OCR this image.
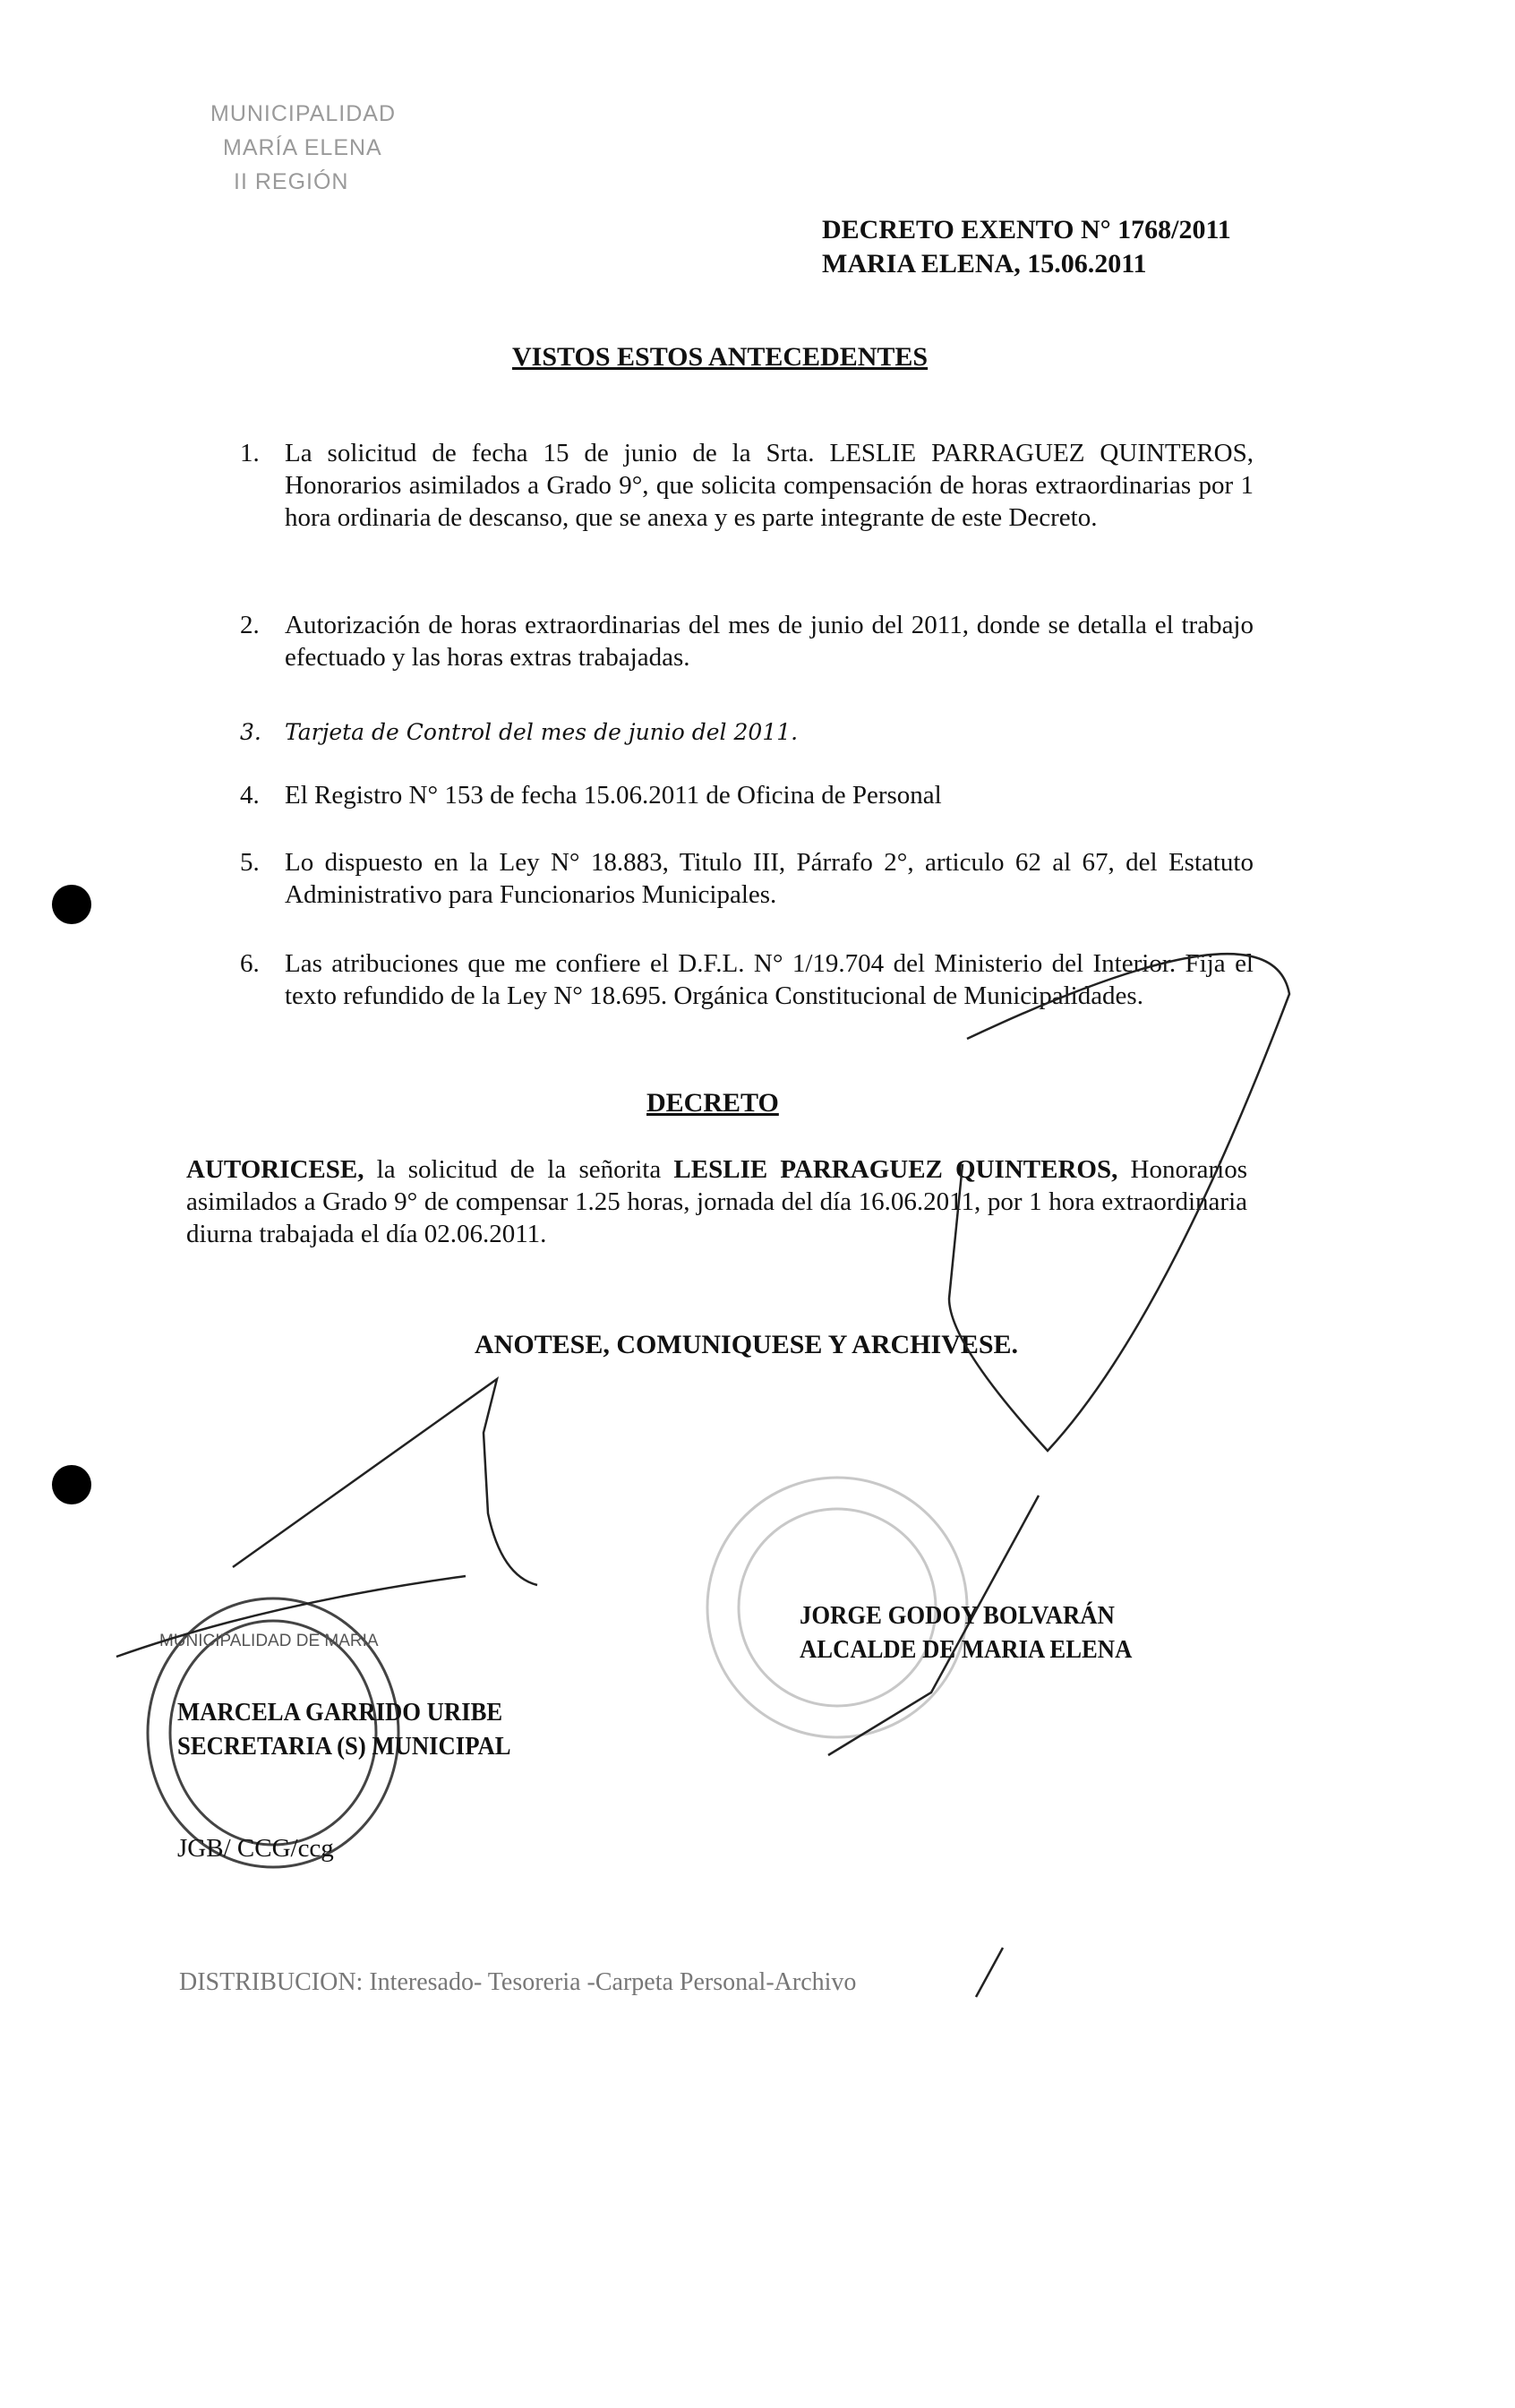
MUNICIPALIDAD
MARÍA ELENA
II REGIÓN
DECRETO EXENTO N° 1768/2011
MARIA ELENA, 15.06.2011
VISTOS ESTOS ANTECEDENTES
1. La solicitud de fecha 15 de junio de la Srta. LESLIE PARRAGUEZ QUINTEROS, Honorarios asimilados a Grado 9°, que solicita compensación de horas extraordinarias por 1 hora ordinaria de descanso, que se anexa y es parte integrante de este Decreto.
2. Autorización de horas extraordinarias del mes de junio del 2011, donde se detalla el trabajo efectuado y las horas extras trabajadas.
3.	Tarjeta de Control del mes de junio del 2011.
4. El Registro N° 153 de fecha 15.06.2011 de Oficina de Personal
5. Lo dispuesto en la Ley N° 18.883, Titulo III, Párrafo 2°, articulo 62 al 67, del Estatuto Administrativo para Funcionarios Municipales.
6. Las atribuciones que me confiere el D.F.L. N° 1/19.704 del Ministerio del Interior. Fija el texto refundido de la Ley N° 18.695. Orgánica Constitucional de Municipalidades.
DECRETO
AUTORICESE, la solicitud de la señorita LESLIE PARRAGUEZ QUINTEROS, Honorarios asimilados a Grado 9° de compensar 1.25 horas, jornada del día 16.06.2011, por 1 hora extraordinaria diurna trabajada el día 02.06.2011.
ANOTESE, COMUNIQUESE Y ARCHIVESE.
MUNICIPALIDAD DE MARIA
JORGE GODOY BOLVARÁN
ALCALDE DE MARIA ELENA
MARCELA GARRIDO URIBE
SECRETARIA (S) MUNICIPAL
JGB/ CCG/ccg
DISTRIBUCION: Interesado- Tesoreria -Carpeta Personal-Archivo
